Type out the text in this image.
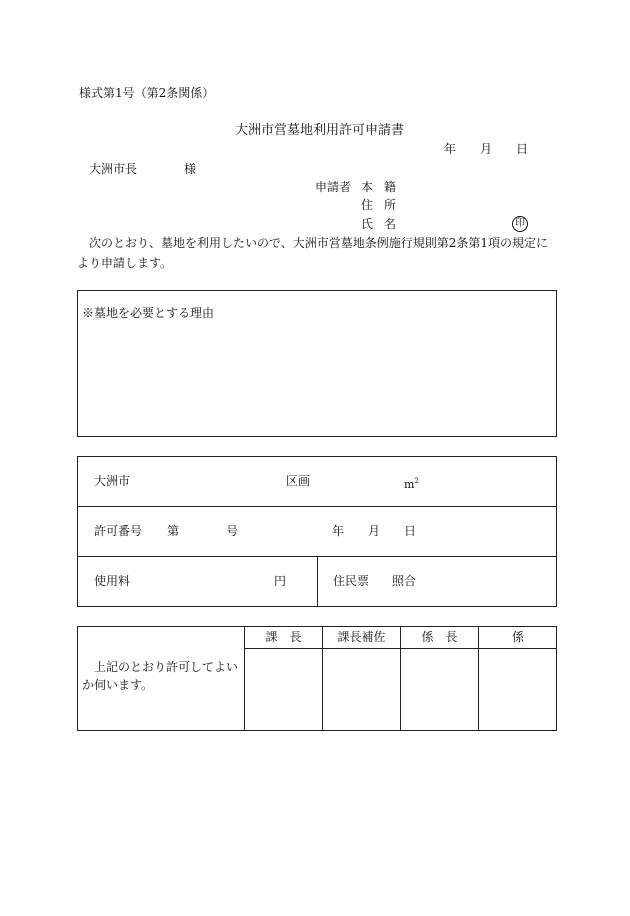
様式第1号（第2条関係）
大洲市営墓地利用許可申請書
年 月 日
大洲市長	様
申請者 本 籍
住 所
氏 名	印
次のとおり、墓地を利用したいので、大洲市営墓地条例施行規則第2条第1項の規定により申請します。
※墓地を必要とする理由
大洲市	区画	$m^2$
許可番号 第	号	年 月 日
使用料	円	住民票 照合
上記のとおり許可してよいか伺います。
課　長	課長補佐	係　長	係
